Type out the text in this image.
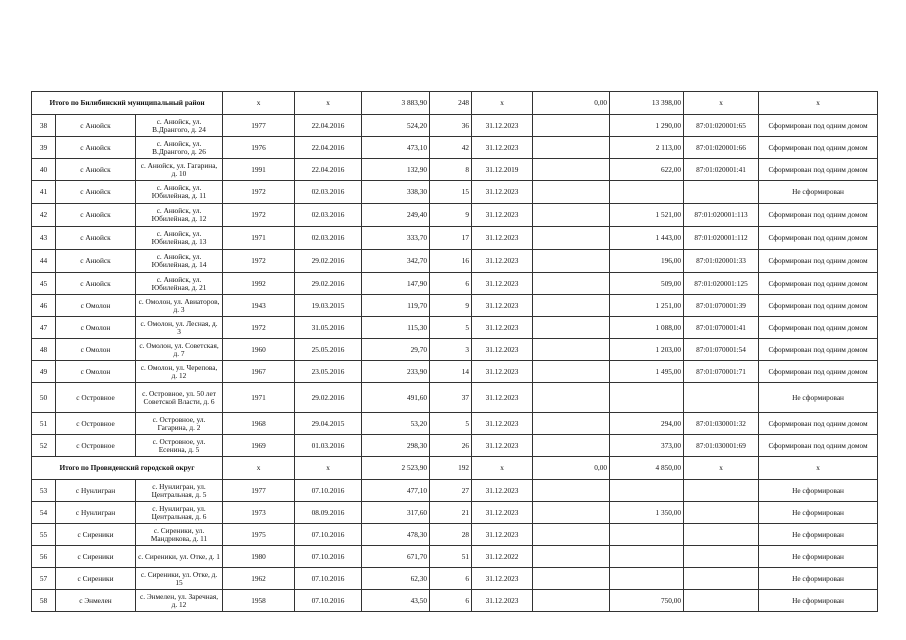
Итого по Билибинский муниципальный район			x	x	3 883,90	248	x	0,00	13 398,00	x	x
38	с Анюйск	с. Анюйск, ул. В.Дрангого, д. 24	1977	22.04.2016	524,20	36	31.12.2023		1 290,00	87:01:020001:65	Сформирован под одним домом
39	с Анюйск	с. Анюйск, ул. В.Дрангого, д. 26	1976	22.04.2016	473,10	42	31.12.2023		2 113,00	87:01:020001:66	Сформирован под одним домом
40	с Анюйск	с. Анюйск, ул. Гагарина, д. 10	1991	22.04.2016	132,90	8	31.12.2019		622,00	87:01:020001:41	Сформирован под одним домом
41	с Анюйск	с. Анюйск, ул. Юбилейная, д. 11	1972	02.03.2016	338,30	15	31.12.2023				Не сформирован
42	с Анюйск	с. Анюйск, ул. Юбилейная, д. 12	1972	02.03.2016	249,40	9	31.12.2023		1 521,00	87:01:020001:113	Сформирован под одним домом
43	с Анюйск	с. Анюйск, ул. Юбилейная, д. 13	1971	02.03.2016	333,70	17	31.12.2023		1 443,00	87:01:020001:112	Сформирован под одним домом
44	с Анюйск	с. Анюйск, ул. Юбилейная, д. 14	1972	29.02.2016	342,70	16	31.12.2023		196,00	87:01:020001:33	Сформирован под одним домом
45	с Анюйск	с. Анюйск, ул. Юбилейная, д. 21	1992	29.02.2016	147,90	6	31.12.2023		509,00	87:01:020001:125	Сформирован под одним домом
46	с Омолон	с. Омолон, ул. Авиаторов, д. 3	1943	19.03.2015	119,70	9	31.12.2023		1 251,00	87:01:070001:39	Сформирован под одним домом
47	с Омолон	с. Омолон, ул. Лесная, д. 3	1972	31.05.2016	115,30	5	31.12.2023		1 088,00	87:01:070001:41	Сформирован под одним домом
48	с Омолон	с. Омолон, ул. Советская, д. 7	1960	25.05.2016	29,70	3	31.12.2023		1 203,00	87:01:070001:54	Сформирован под одним домом
49	с Омолон	с. Омолон, ул. Черепова, д. 12	1967	23.05.2016	233,90	14	31.12.2023		1 495,00	87:01:070001:71	Сформирован под одним домом
50	с Островное	с. Островное, ул. 50 лет Советской Власти, д. 6	1971	29.02.2016	491,60	37	31.12.2023				Не сформирован
51	с Островное	с. Островное, ул. Гагарина, д. 2	1968	29.04.2015	53,20	5	31.12.2023		294,00	87:01:030001:32	Сформирован под одним домом
52	с Островное	с. Островное, ул. Есенина, д. 5	1969	01.03.2016	298,30	26	31.12.2023		373,00	87:01:030001:69	Сформирован под одним домом
Итого по Провиденский городской округ			x	x	2 523,90	192	x	0,00	4 850,00	x	x
53	с Нунлигран	с. Нунлигран, ул. Центральная, д. 5	1977	07.10.2016	477,10	27	31.12.2023				Не сформирован
54	с Нунлигран	с. Нунлигран, ул. Центральная, д. 6	1973	08.09.2016	317,60	21	31.12.2023		1 350,00		Не сформирован
55	с Сиреники	с. Сиреники, ул. Мандрикова, д. 11	1975	07.10.2016	478,30	28	31.12.2023				Не сформирован
56	с Сиреники	с. Сиреники, ул. Отке, д. 1	1980	07.10.2016	671,70	51	31.12.2022				Не сформирован
57	с Сиреники	с. Сиреники, ул. Отке, д. 15	1962	07.10.2016	62,30	6	31.12.2023				Не сформирован
58	с Энмелен	с. Энмелен, ул. Заречная, д. 12	1958	07.10.2016	43,50	6	31.12.2023		750,00		Не сформирован
